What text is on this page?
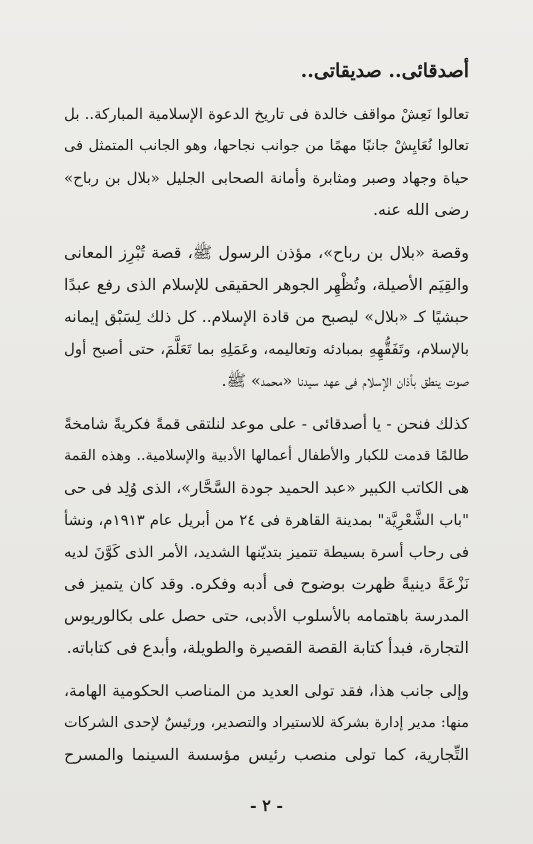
أصدقائى.. صديقاتى..
تعالوا نَعِشْ مواقف خالدة فى تاريخ الدعوة الإسلامية المباركة.. بل
تعالوا نُعَايِشْ جانبًا مهمًا من جوانب نجاحها، وهو الجانب المتمثل فى
حياة وجهاد وصبر ومثابرة وأمانة الصحابى الجليل «بلال بن رباح»
رضى الله عنه.
وقصة «بلال بن رباح»، مؤذن الرسول ﷺ، قصة تُبْرِز المعانى
والقِيَم الأصيلة، وتُظْهِر الجوهر الحقيقى للإسلام الذى رفع عبدًا
حبشيًا كـ «بلال» ليصبح من قادة الإسلام.. كل ذلك لِسَبْق إيمانه
بالإسلام، وتَفَقُّهِهِ بمبادئه وتعاليمه، وعَمَلِهِ بما تَعَلَّمَ، حتى أصبح أول
صوت ينطق بأذان الإسلام فى عهد سيدنا «محمد» ﷺ.
كذلك فنحن - يا أصدقائى - على موعد لنلتقى قمةً فكريةً شامخةً
طالمًا قدمت للكبار والأطفال أعمالها الأدبية والإسلامية.. وهذه القمة
هى الكاتب الكبير «عبد الحميد جودة السَّحَّار»، الذى وُلِد فى حى
"باب الشَّعْرِيَّة" بمدينة القاهرة فى ٢٤ من أبريل عام ١٩١٣م، ونشأ
فى رحاب أسرة بسيطة تتميز بتديّنها الشديد، الأمر الذى كَوَّنَ لديه
نَزْعَةً دينيةً ظهرت بوضوح فى أدبه وفكره. وقد كان يتميز فى
المدرسة باهتمامه بالأسلوب الأدبى، حتى حصل على بكالوريوس
التجارة، فبدأ كتابة القصة القصيرة والطويلة، وأبدع فى كتاباته.
وإلى جانب هذا، فقد تولى العديد من المناصب الحكومية الهامة،
منها: مدير إدارة بشركة للاستيراد والتصدير، ورئيسٌ لإحدى الشركات
التِّجارية، كما تولى منصب رئيس مؤسسة السينما والمسرح
- ٢ -
